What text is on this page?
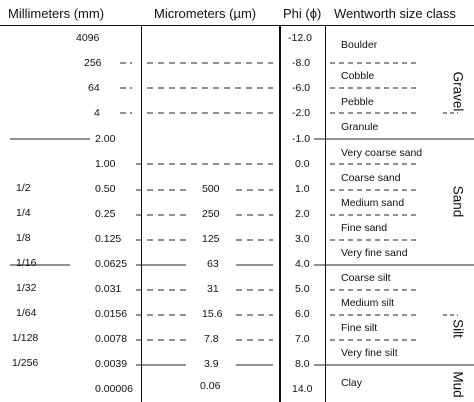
Millimeters (mm)	Micrometers (µm) Phi (ϕ) Wentworth size class
1/2
1/4
1/8
1/16
1/32
1/64
1/128
1/256
4096
256
64
4
2.00
1.00
0.50
0.25
0.125
0.0625
0.031
0.0156
0.0078
0.0039
0.00006
500
250
125
63
31
15.6
7.8
3.9
0.06
-12.0
-8.0
-6.0
-2.0
-1.0
0.0
1.0
2.0
3.0
4.0
5.0
6.0
7.0
8.0
14.0
Boulder
Cobble
Pebble
Granule
Very coarse sand
Coarse sand
Medium sand
Fine sand
Very fine sand
Coarse silt
Medium silt
Fine silt
Very fine silt
Clay
Gravel
Sand
Silt
Mud
